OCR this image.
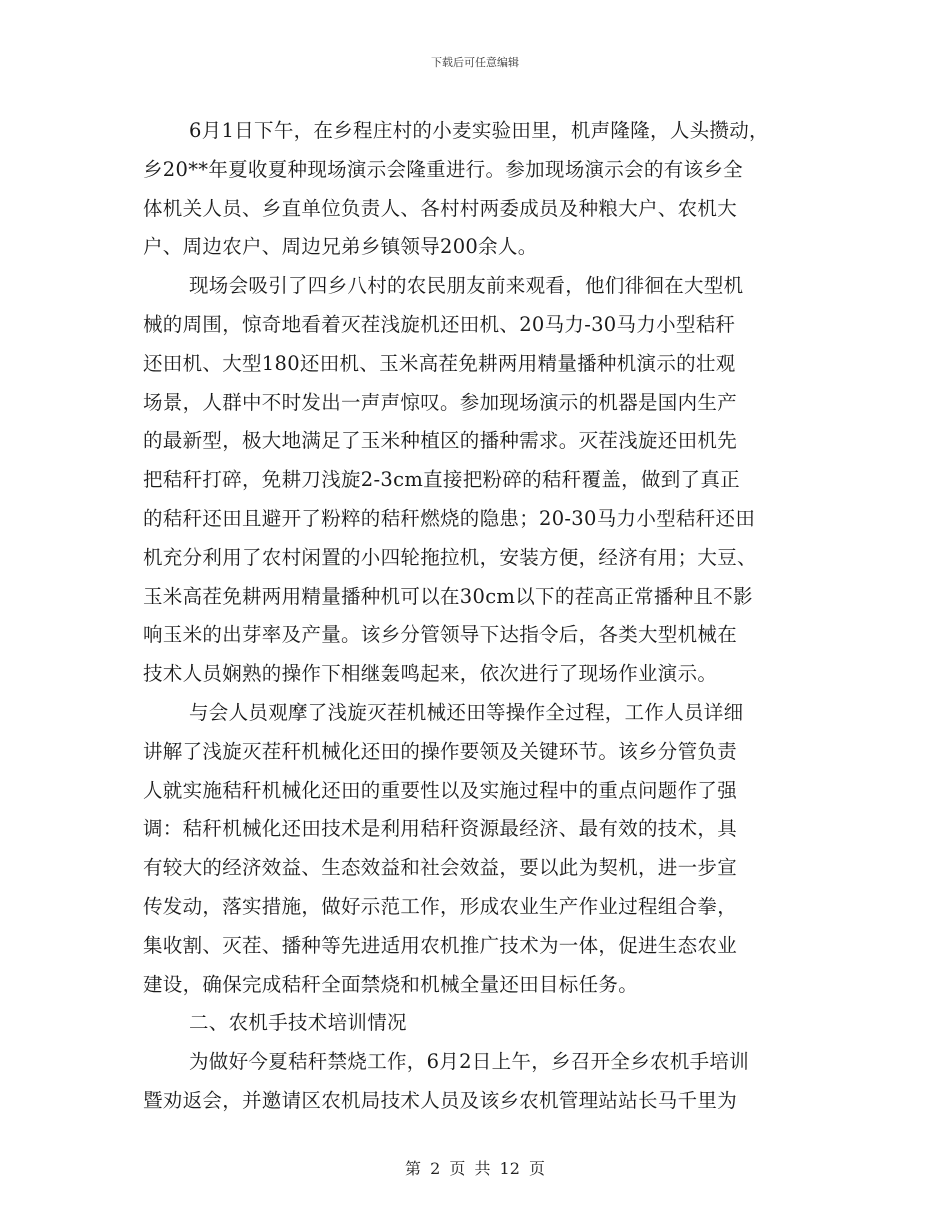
下载后可任意编辑
6月1日下午，在乡程庄村的小麦实验田里，机声隆隆，人头攒动，
乡20**年夏收夏种现场演示会隆重进行。参加现场演示会的有该乡全
体机关人员、乡直单位负责人、各村村两委成员及种粮大户、农机大
户、周边农户、周边兄弟乡镇领导200余人。
现场会吸引了四乡八村的农民朋友前来观看，他们徘徊在大型机
械的周围，惊奇地看着灭茬浅旋机还田机、20马力-30马力小型秸秆
还田机、大型180还田机、玉米高茬免耕两用精量播种机演示的壮观
场景，人群中不时发出一声声惊叹。参加现场演示的机器是国内生产
的最新型，极大地满足了玉米种植区的播种需求。灭茬浅旋还田机先
把秸秆打碎，免耕刀浅旋2-3cm直接把粉碎的秸秆覆盖，做到了真正
的秸秆还田且避开了粉粹的秸秆燃烧的隐患；20-30马力小型秸秆还田
机充分利用了农村闲置的小四轮拖拉机，安装方便，经济有用；大豆、
玉米高茬免耕两用精量播种机可以在30cm以下的茬高正常播种且不影
响玉米的出芽率及产量。该乡分管领导下达指令后，各类大型机械在
技术人员娴熟的操作下相继轰鸣起来，依次进行了现场作业演示。
与会人员观摩了浅旋灭茬机械还田等操作全过程，工作人员详细
讲解了浅旋灭茬秆机械化还田的操作要领及关键环节。该乡分管负责
人就实施秸秆机械化还田的重要性以及实施过程中的重点问题作了强
调：秸秆机械化还田技术是利用秸秆资源最经济、最有效的技术，具
有较大的经济效益、生态效益和社会效益，要以此为契机，进一步宣
传发动，落实措施，做好示范工作，形成农业生产作业过程组合拳，
集收割、灭茬、播种等先进适用农机推广技术为一体，促进生态农业
建设，确保完成秸秆全面禁烧和机械全量还田目标任务。
二、农机手技术培训情况
为做好今夏秸秆禁烧工作，6月2日上午，乡召开全乡农机手培训
暨劝返会，并邀请区农机局技术人员及该乡农机管理站站长马千里为
第 2 页 共 12 页
